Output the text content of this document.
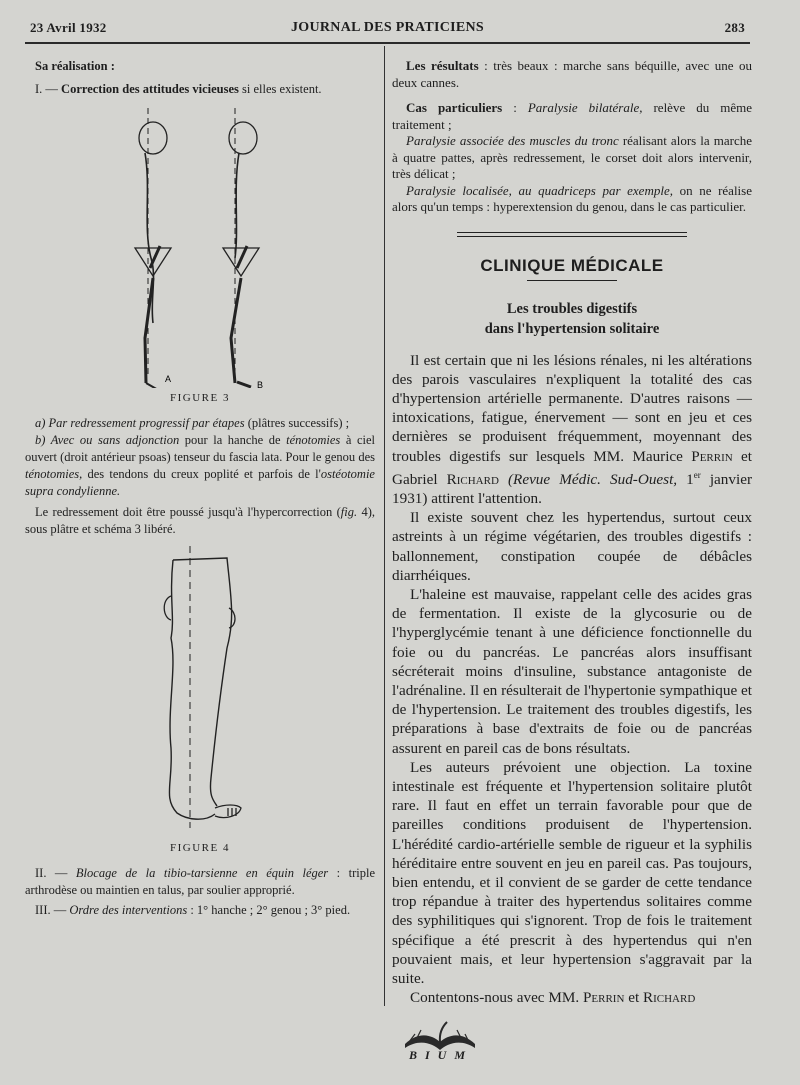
23 Avril 1932	JOURNAL DES PRATICIENS	283

Sa réalisation :

I. — Correction des attitudes vicieuses si elles existent.

A
B
FIGURE 3

a) Par redressement progressif par étapes (plâtres successifs) ;

b) Avec ou sans adjonction pour la hanche de ténotomies à ciel ouvert (droit antérieur psoas) tenseur du fascia lata. Pour le genou des ténotomies, des tendons du creux poplité et parfois de l'ostéotomie supra condylienne.

Le redressement doit être poussé jusqu'à l'hypercorrection (fig. 4), sous plâtre et schéma 3 libéré.

FIGURE 4

II. — Blocage de la tibio-tarsienne en équin léger : triple arthrodèse ou maintien en talus, par soulier approprié.

III. — Ordre des interventions : 1° hanche ; 2° genou ; 3° pied.

Les résultats : très beaux : marche sans béquille, avec une ou deux cannes.

Cas particuliers : Paralysie bilatérale, relève du même traitement ;

Paralysie associée des muscles du tronc réalisant alors la marche à quatre pattes, après redressement, le corset doit alors intervenir, très délicat ;

Paralysie localisée, au quadriceps par exemple, on ne réalise alors qu'un temps : hyperextension du genou, dans le cas particulier.

CLINIQUE MÉDICALE
Les troubles digestifs
dans l'hypertension solitaire

Il est certain que ni les lésions rénales, ni les altérations des parois vasculaires n'expliquent la totalité des cas d'hypertension artérielle permanente. D'autres raisons — intoxications, fatigue, énervement — sont en jeu et ces dernières se produisent fréquemment, moyennant des troubles digestifs sur lesquels MM. Maurice Perrin et Gabriel Richard (Revue Médic. Sud-Ouest, 1er janvier 1931) attirent l'attention.

Il existe souvent chez les hypertendus, surtout ceux astreints à un régime végétarien, des troubles digestifs : ballonnement, constipation coupée de débâcles diarrhéiques.

L'haleine est mauvaise, rappelant celle des acides gras de fermentation. Il existe de la glycosurie ou de l'hyperglycémie tenant à une déficience fonctionnelle du foie ou du pancréas. Le pancréas alors insuffisant sécréterait moins d'insuline, substance antagoniste de l'adrénaline. Il en résulterait de l'hypertonie sympathique et de l'hypertension. Le traitement des troubles digestifs, les préparations à base d'extraits de foie ou de pancréas assurent en pareil cas de bons résultats.

Les auteurs prévoient une objection. La toxine intestinale est fréquente et l'hypertension solitaire plutôt rare. Il faut en effet un terrain favorable pour que de pareilles conditions produisent de l'hypertension. L'hérédité cardio-artérielle semble de rigueur et la syphilis héréditaire entre souvent en jeu en pareil cas. Pas toujours, bien entendu, et il convient de se garder de cette tendance trop répandue à traiter des hypertendus solitaires comme des syphilitiques qui s'ignorent. Trop de fois le traitement spécifique a été prescrit à des hypertendus qui n'en pouvaient mais, et leur hypertension s'aggravait par la suite.

Contentons-nous avec MM. Perrin et Richard

BIUM
